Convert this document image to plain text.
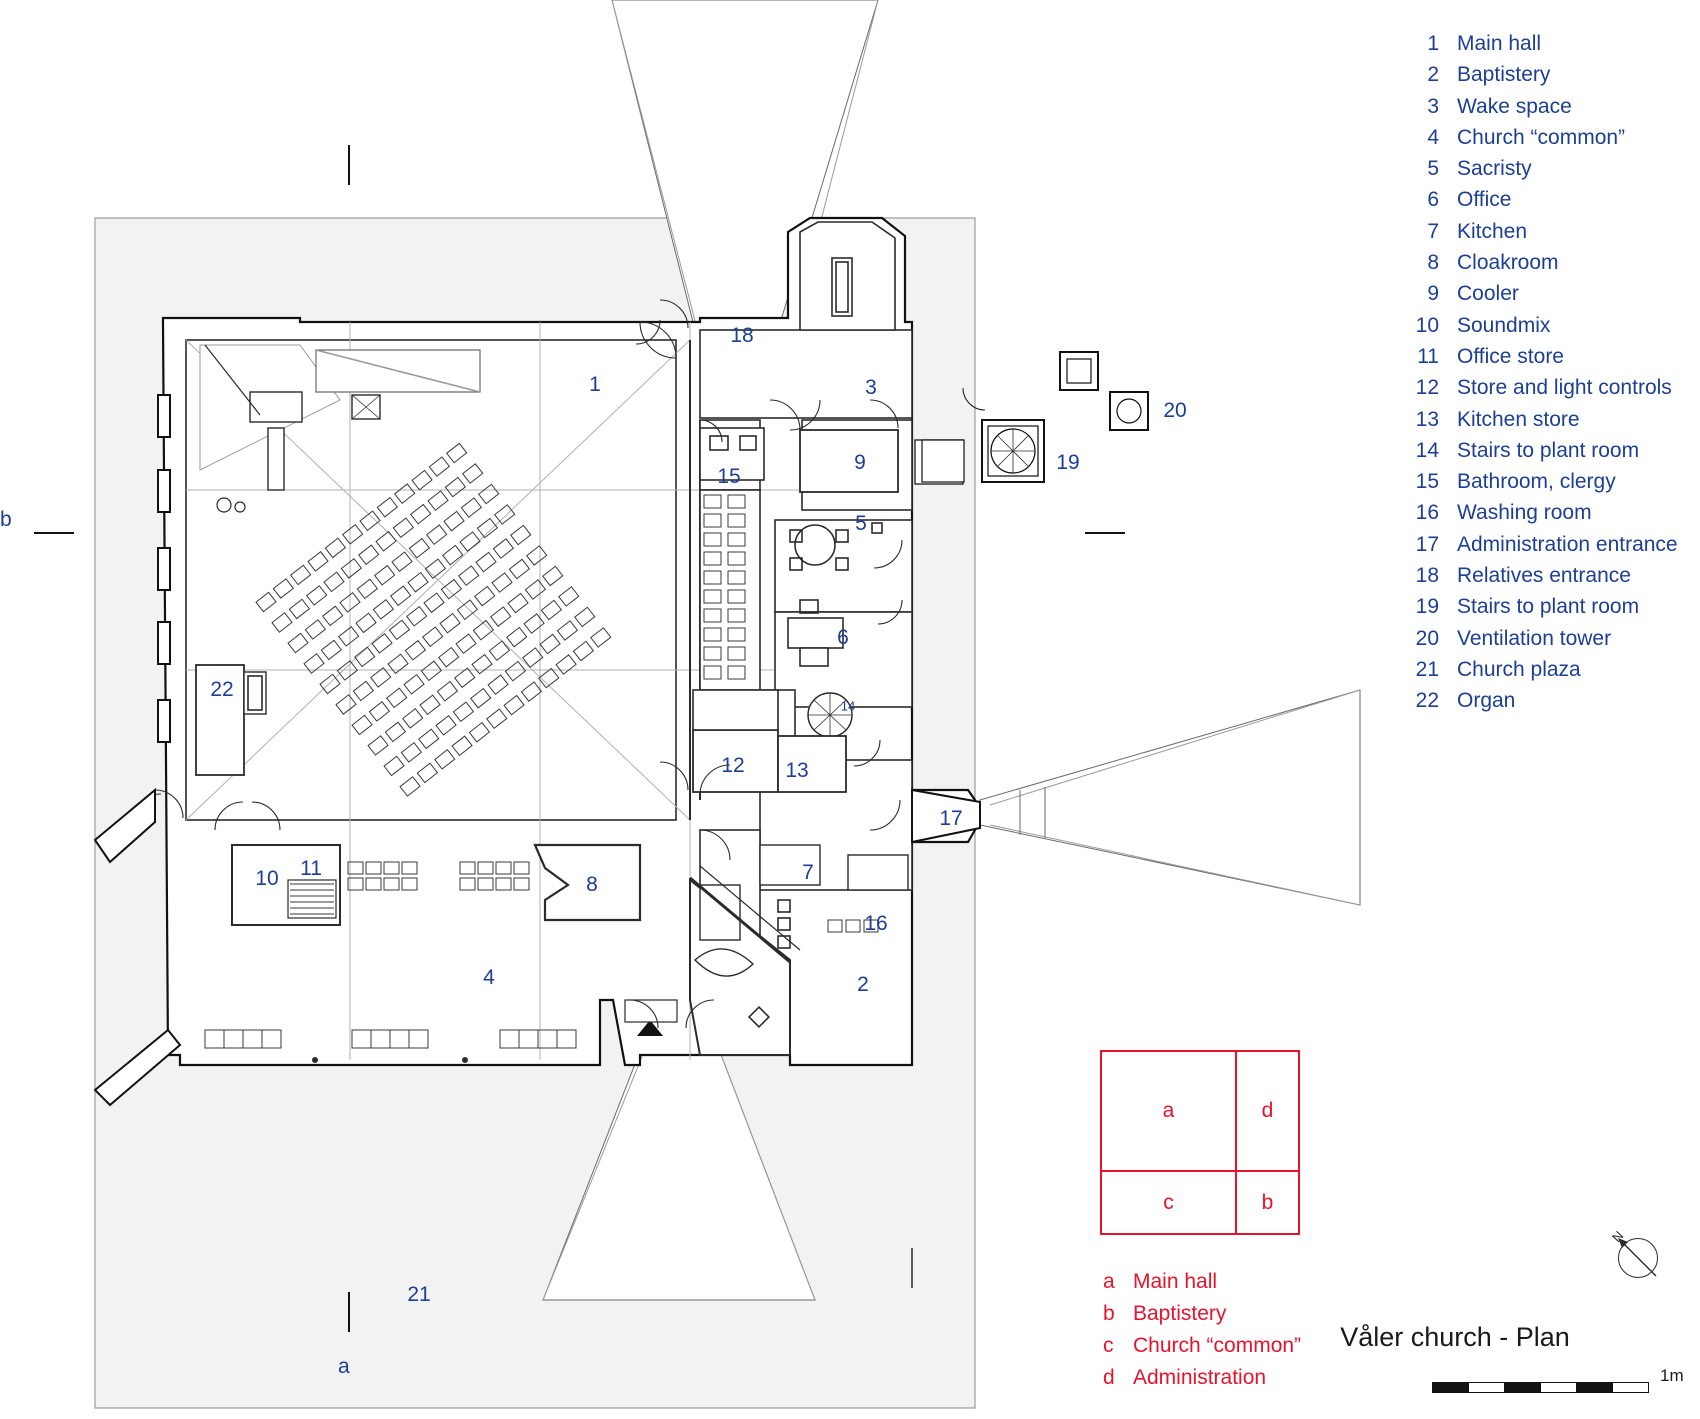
b
a
1
2
3
4
5
6
7
8
9
10 11
12 13
14
15
16
17
18
19
20
21
22
1 Main hall
2 Baptistery
3 Wake space
4 Church “common”
5 Sacristy
6 Office
7 Kitchen
8 Cloakroom
9 Cooler
10 Soundmix
11 Office store
12 Store and light controls
13 Kitchen store
14 Stairs to plant room
15 Bathroom, clergy
16 Washing room
17 Administration entrance
18 Relatives entrance
19 Stairs to plant room
20 Ventilation tower
21 Church plaza
22 Organ
a	d
c	b
a Main hall
b Baptistery
c Church “common”
d Administration
Våler church - Plan
N
1m
